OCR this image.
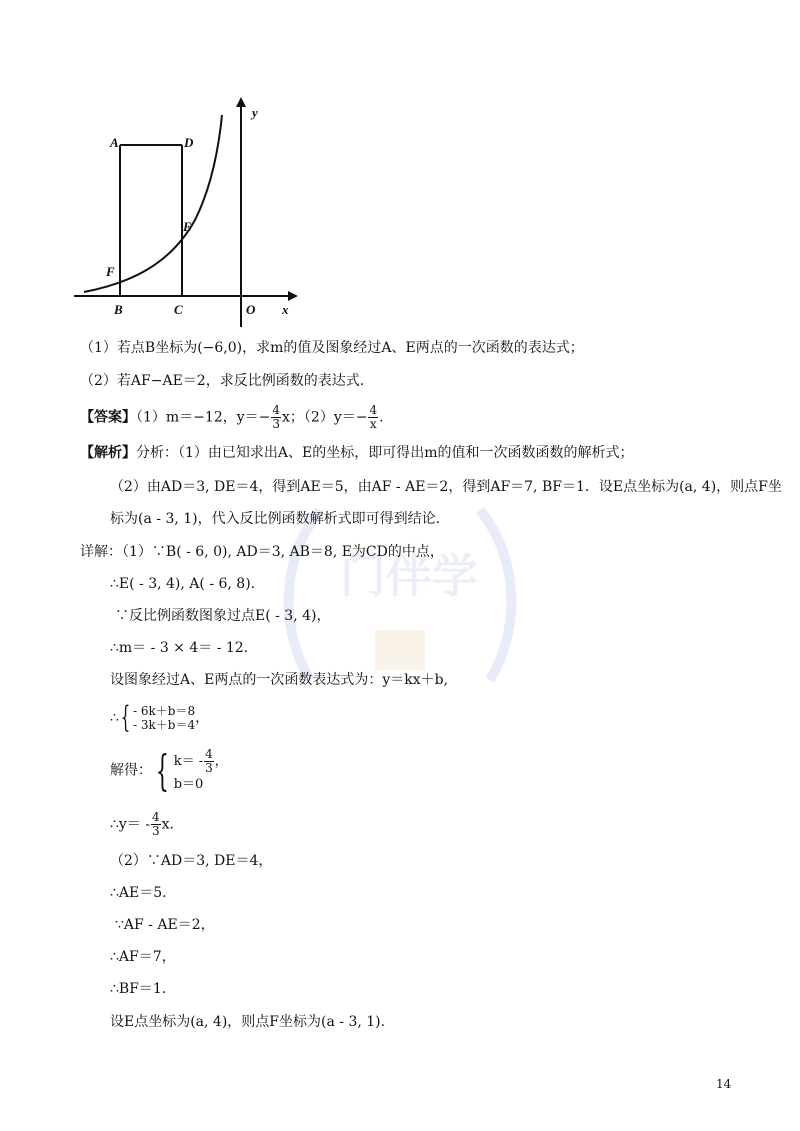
门伴学
A	D
E
F
B	C	O x
y
（1）若点B坐标为(−6,0)，求m的值及图象经过A、E两点的一次函数的表达式；
（2）若AF−AE＝2，求反比例函数的表达式.
【答案】（1）m＝−12，$y=- \frac{4}{3}$ x；$(2)y=- \frac{4}{x}$ .
【解析】分析：（1）由已知求出A、E的坐标，即可得出m的值和一次函数函数的解析式；
（2）由AD＝3, DE＝4，得到AE＝5，由AF - AE＝2，得到AF＝7, BF＝1．设E点坐标为(a, 4)，则点F坐
标为(a - 3, 1)，代入反比例函数解析式即可得到结论.
详解：（1）∵B( - 6, 0), AD＝3, AB＝8, E为CD的中点，
∴E( - 3, 4), A( - 6, 8).
∵反比例函数图象过点E( - 3, 4)，
∴m＝ - 3 × 4＝ - 12.
设图象经过A、E两点的一次函数表达式为：y＝kx＋b,
∴{ - 6k＋b＝8
- 3k＋b＝4 ，
解得：{ $k= - \frac{4}{3}$ ，
b＝0
∴y＝ - $\frac{4}{3} x$.
（2）∵AD＝3, DE＝4，
∴AE＝5.
∵AF - AE＝2，
∴AF＝7，
∴BF＝1.
设E点坐标为(a, 4)，则点F坐标为(a - 3, 1).
14
